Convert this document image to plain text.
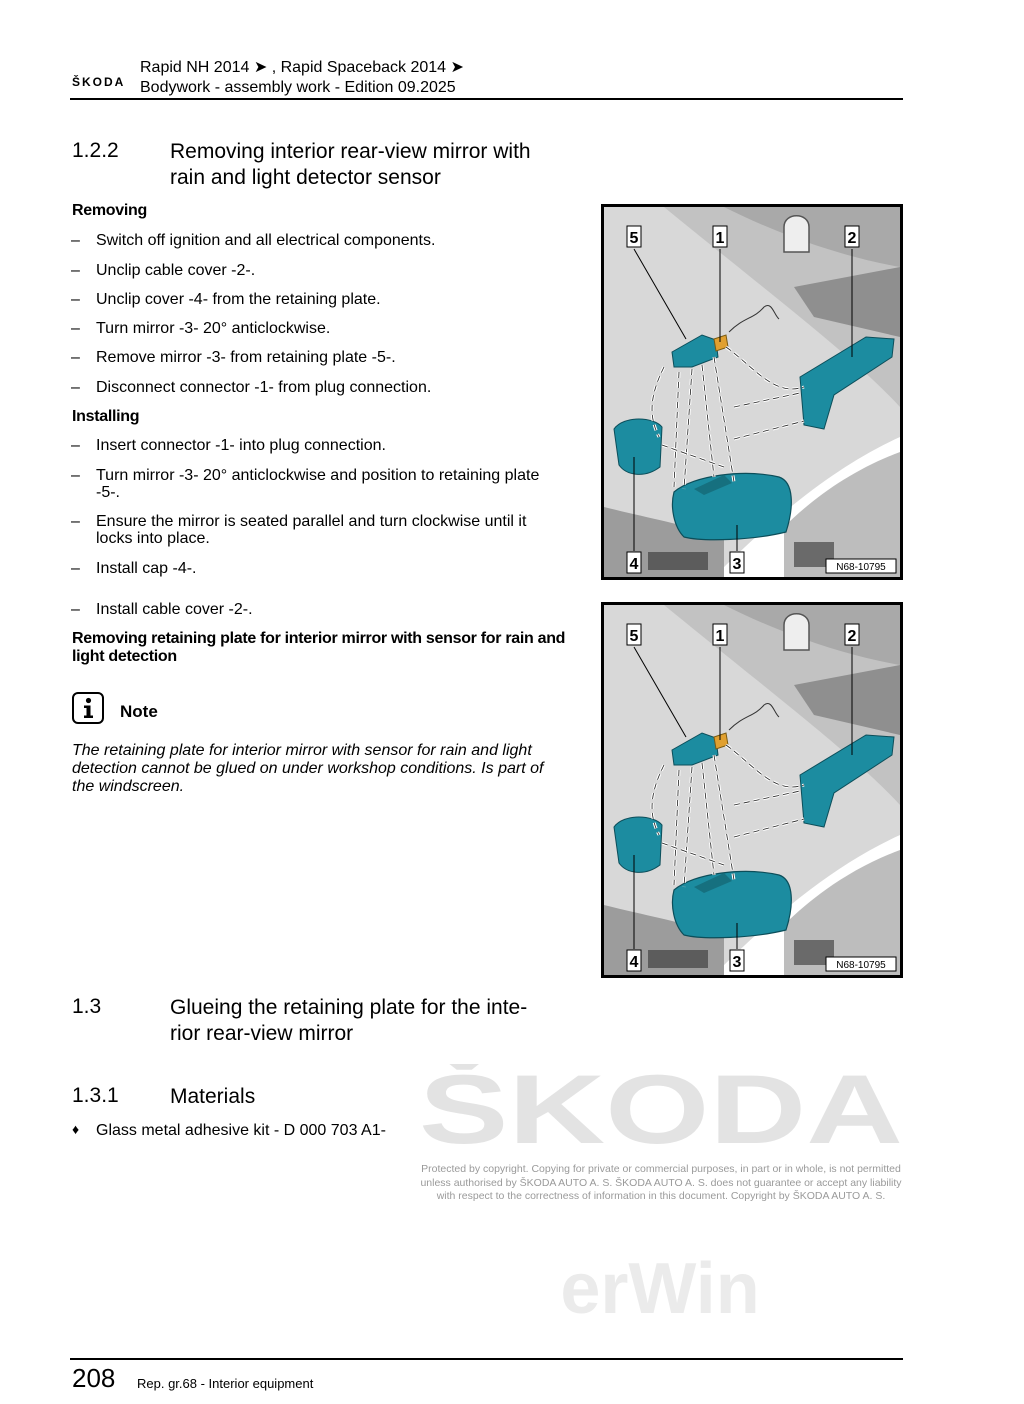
ŠKODA
Rapid NH 2014 ➤ , Rapid Spaceback 2014 ➤
Bodywork - assembly work - Edition 09.2025
1.2.2 Removing interior rear-view mirror with
rain and light detector sensor
Removing
– Switch off ignition and all electrical components.
– Unclip cable cover -2-.
– Unclip cover -4- from the retaining plate.
– Turn mirror -3- 20° anticlockwise.
– Remove mirror -3- from retaining plate -5-.
– Disconnect connector -1- from plug connection.
Installing
– Insert connector -1- into plug connection.
– Turn mirror -3- 20° anticlockwise and position to retaining plate -5-.
– Ensure the mirror is seated parallel and turn clockwise until it locks into place.
– Install cap -4-.
– Install cable cover -2-.
Removing retaining plate for interior mirror with sensor for rain and light detection
Note
The retaining plate for interior mirror with sensor for rain and light detection cannot be glued on under workshop conditions. Is part of the windscreen.
5	1	2
4	3	N68-10795
5	1	2
4	3	N68-10795
1.3	Glueing the retaining plate for the inte-
rior rear-view mirror
1.3.1 Materials
♦ Glass metal adhesive kit - D 000 703 A1- ŠKODA
Protected by copyright. Copying for private or commercial purposes, in part or in whole, is not permitted unless authorised by ŠKODA AUTO A. S. ŠKODA AUTO A. S. does not guarantee or accept any liability with respect to the correctness of information in this document. Copyright by ŠKODA AUTO A. S.
erWin
208 Rep. gr.68 - Interior equipment
